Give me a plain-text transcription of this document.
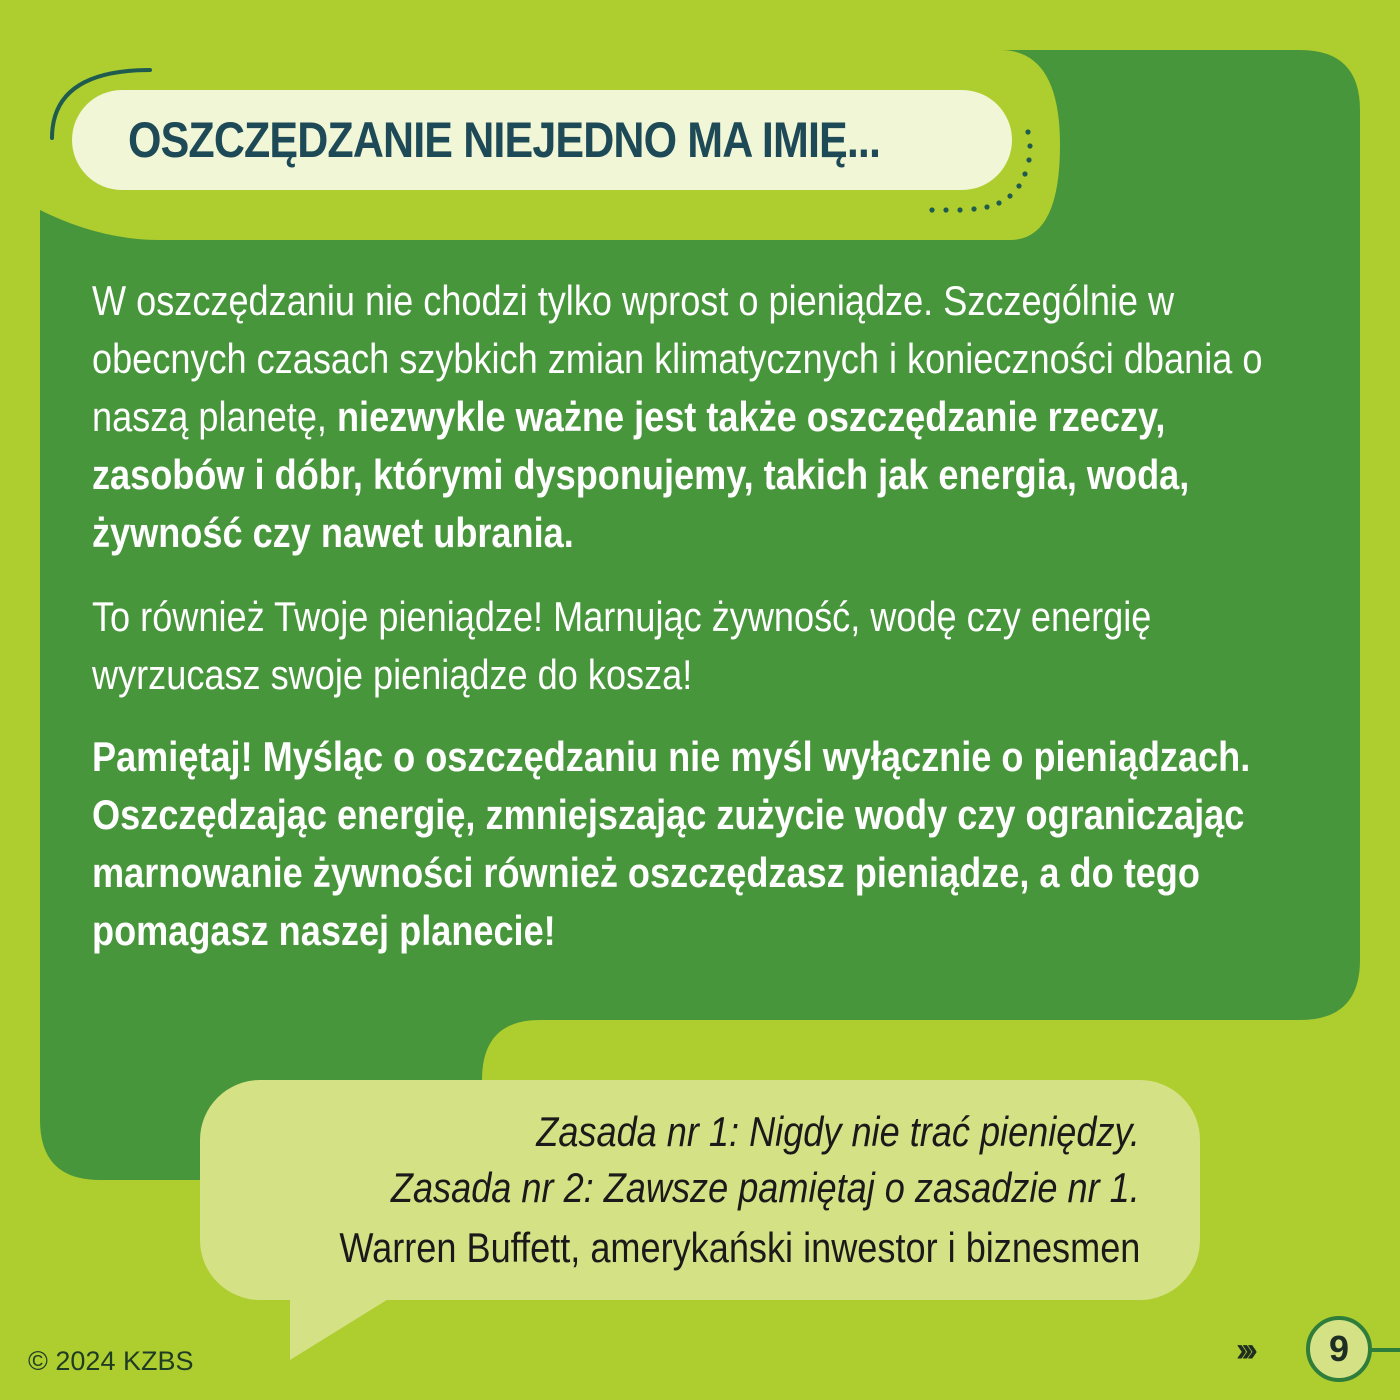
OSZCZĘDZANIE NIEJEDNO MA IMIĘ...

W oszczędzaniu nie chodzi tylko wprost o pieniądze. Szczególnie w obecnych czasach szybkich zmian klimatycznych i konieczności dbania o naszą planetę, niezwykle ważne jest także oszczędzanie rzeczy, zasobów i dóbr, którymi dysponujemy, takich jak energia, woda, żywność czy nawet ubrania.

To również Twoje pieniądze! Marnując żywność, wodę czy energię wyrzucasz swoje pieniądze do kosza!

Pamiętaj! Myśląc o oszczędzaniu nie myśl wyłącznie o pieniądzach. Oszczędzając energię, zmniejszając zużycie wody czy ograniczając marnowanie żywności również oszczędzasz pieniądze, a do tego pomagasz naszej planecie!

Zasada nr 1: Nigdy nie trać pieniędzy.
Zasada nr 2: Zawsze pamiętaj o zasadzie nr 1.
Warren Buffett, amerykański inwestor i biznesmen
© 2024 KZBS	›››	9
